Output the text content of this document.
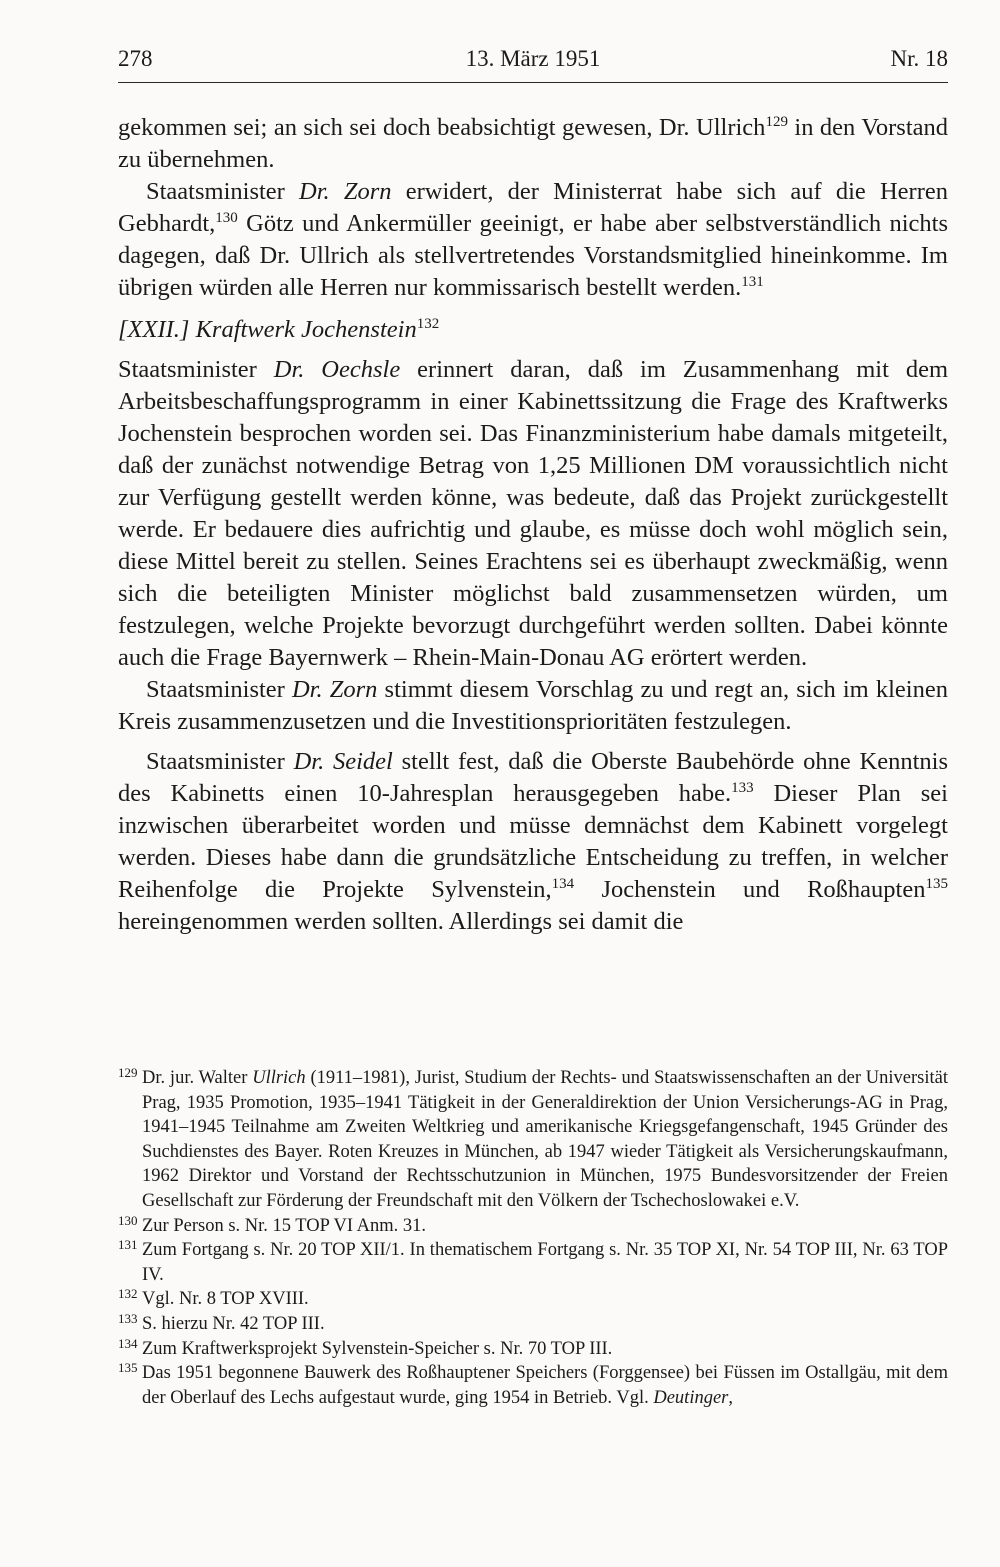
278	13. März 1951	Nr. 18

gekommen sei; an sich sei doch beabsichtigt gewesen, Dr. Ullrich$^{129}$ in den Vorstand zu übernehmen.

Staatsminister Dr. Zorn erwidert, der Ministerrat habe sich auf die Herren Gebhardt,$^{130}$ Götz und Ankermüller geeinigt, er habe aber selbstverständlich nichts dagegen, daß Dr. Ullrich als stellvertretendes Vorstandsmitglied hineinkomme. Im übrigen würden alle Herren nur kommissarisch bestellt werden.$^{131}$

[XXII.] Kraftwerk Jochenstein$^{132}$

Staatsminister Dr. Oechsle erinnert daran, daß im Zusammenhang mit dem Arbeitsbeschaffungsprogramm in einer Kabinettssitzung die Frage des Kraftwerks Jochenstein besprochen worden sei. Das Finanzministerium habe damals mitgeteilt, daß der zunächst notwendige Betrag von 1,25 Millionen DM voraussichtlich nicht zur Verfügung gestellt werden könne, was bedeute, daß das Projekt zurückgestellt werde. Er bedauere dies aufrichtig und glaube, es müsse doch wohl möglich sein, diese Mittel bereit zu stellen. Seines Erachtens sei es überhaupt zweckmäßig, wenn sich die beteiligten Minister möglichst bald zusammensetzen würden, um festzulegen, welche Projekte bevorzugt durchgeführt werden sollten. Dabei könnte auch die Frage Bayernwerk – Rhein-Main-Donau AG erörtert werden.

Staatsminister Dr. Zorn stimmt diesem Vorschlag zu und regt an, sich im kleinen Kreis zusammenzusetzen und die Investitionsprioritäten festzulegen.

Staatsminister Dr. Seidel stellt fest, daß die Oberste Baubehörde ohne Kenntnis des Kabinetts einen 10-Jahresplan herausgegeben habe.$^{133}$ Dieser Plan sei inzwischen überarbeitet worden und müsse demnächst dem Kabinett vorgelegt werden. Dieses habe dann die grundsätzliche Entscheidung zu treffen, in welcher Reihenfolge die Projekte Sylvenstein,$^{134}$ Jochenstein und Roßhaupten$^{135}$ hereingenommen werden sollten. Allerdings sei damit die

129 Dr. jur. Walter Ullrich (1911–1981), Jurist, Studium der Rechts- und Staatswissenschaften an der Universität Prag, 1935 Promotion, 1935–1941 Tätigkeit in der Generaldirektion der Union Versicherungs-AG in Prag, 1941–1945 Teilnahme am Zweiten Weltkrieg und amerikanische Kriegsgefangenschaft, 1945 Gründer des Suchdienstes des Bayer. Roten Kreuzes in München, ab 1947 wieder Tätigkeit als Versicherungskaufmann, 1962 Direktor und Vorstand der Rechtsschutzunion in München, 1975 Bundesvorsitzender der Freien Gesellschaft zur Förderung der Freundschaft mit den Völkern der Tschechoslowakei e.V.

130 Zur Person s. Nr. 15 TOP VI Anm. 31.

131 Zum Fortgang s. Nr. 20 TOP XII/1. In thematischem Fortgang s. Nr. 35 TOP XI, Nr. 54 TOP III, Nr. 63 TOP IV.

132 Vgl. Nr. 8 TOP XVIII.

133 S. hierzu Nr. 42 TOP III.

134 Zum Kraftwerksprojekt Sylvenstein-Speicher s. Nr. 70 TOP III.

135 Das 1951 begonnene Bauwerk des Roßhauptener Speichers (Forggensee) bei Füssen im Ostallgäu, mit dem der Oberlauf des Lechs aufgestaut wurde, ging 1954 in Betrieb. Vgl. Deutinger,
